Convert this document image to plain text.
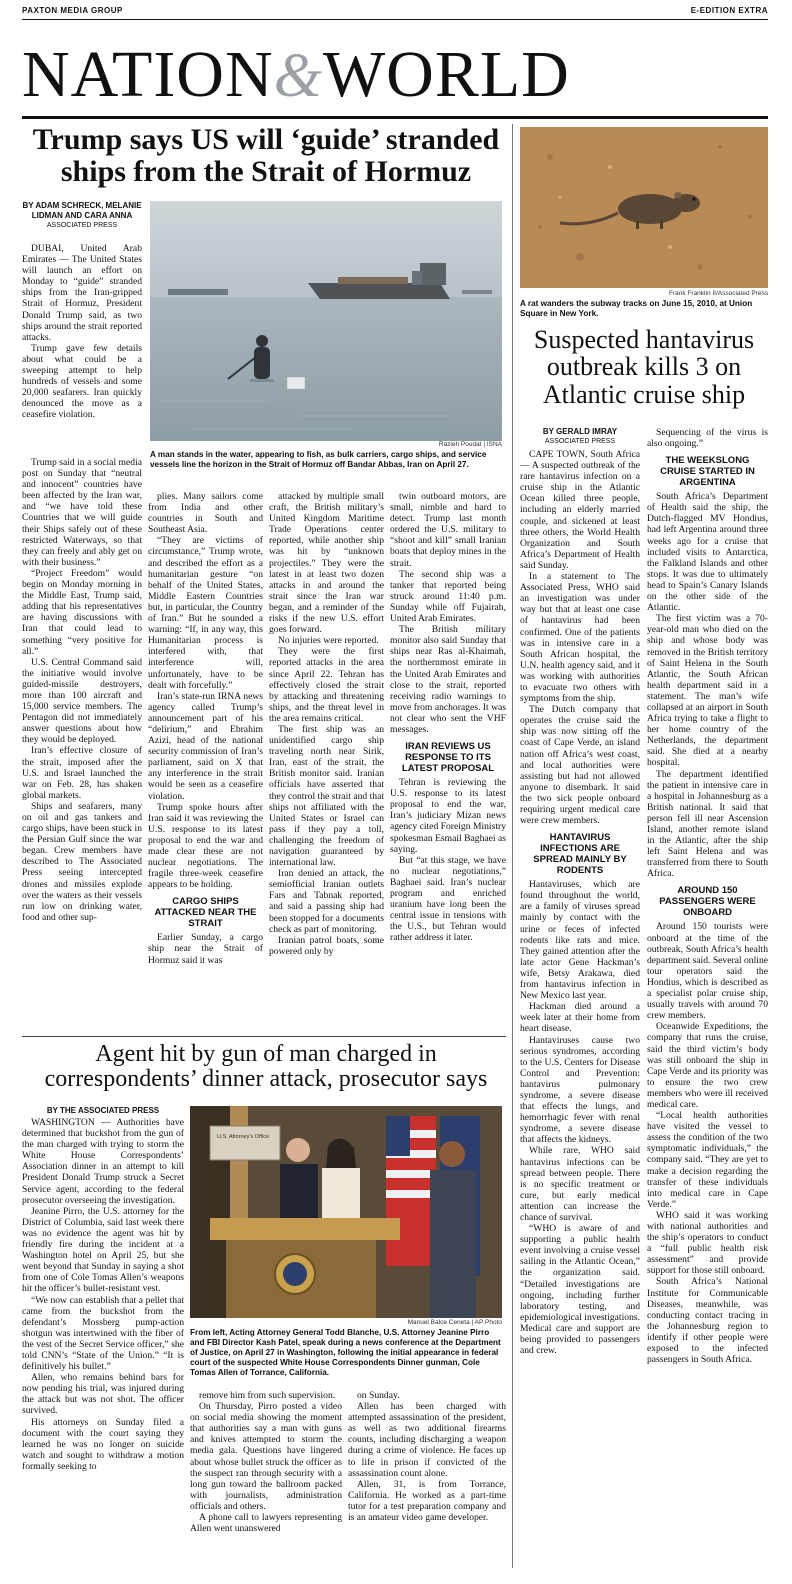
PAXTON MEDIA GROUP	E-EDITION EXTRA
NATION&WORLD
Trump says US will ‘guide’ stranded ships from the Strait of Hormuz
BY ADAM SCHRECK, MELANIE LIDMAN AND CARA ANNA
ASSOCIATED PRESS

DUBAI, United Arab Emirates — The United States will launch an effort on Monday to “guide” stranded ships from the Iran-gripped Strait of Hormuz, President Donald Trump said, as two ships around the strait reported attacks.

Trump gave few details about what could be a sweeping attempt to help hundreds of vessels and some 20,000 seafarers. Iran quickly denounced the move as a ceasefire violation.

Razieh Poudat | ISNA
A man stands in the water, appearing to fish, as bulk carriers, cargo ships, and service vessels line the horizon in the Strait of Hormuz off Bandar Abbas, Iran on April 27.

Trump said in a social media post on Sunday that “neutral and innocent” countries have been affected by the Iran war, and “we have told these Countries that we will guide their Ships safely out of these restricted Waterways, so that they can freely and ably get on with their business.”

“Project Freedom” would begin on Monday morning in the Middle East, Trump said, adding that his representatives are having discussions with Iran that could lead to something “very positive for all.”

U.S. Central Command said the initiative would involve guided-missile destroyers, more than 100 aircraft and 15,000 service members. The Pentagon did not immediately answer questions about how they would be deployed.

Iran’s effective closure of the strait, imposed after the U.S. and Israel launched the war on Feb. 28, has shaken global markets.

Ships and seafarers, many on oil and gas tankers and cargo ships, have been stuck in the Persian Gulf since the war began. Crew members have described to The Associated Press seeing intercepted drones and missiles explode over the waters as their vessels run low on drinking water, food and other sup-

plies. Many sailors come from India and other countries in South and Southeast Asia.

“They are victims of circumstance,” Trump wrote, and described the effort as a humanitarian gesture “on behalf of the United States, Middle Eastern Countries but, in particular, the Country of Iran.” But he sounded a warning: “If, in any way, this Humanitarian process is interfered with, that interference will, unfortunately, have to be dealt with forcefully.”

Iran’s state-run IRNA news agency called Trump’s announcement part of his “delirium,” and Ebrahim Azizi, head of the national security commission of Iran’s parliament, said on X that any interference in the strait would be seen as a ceasefire violation.

Trump spoke hours after Iran said it was reviewing the U.S. response to its latest proposal to end the war and made clear these are not nuclear negotiations. The fragile three-week ceasefire appears to be holding.

CARGO SHIPS ATTACKED NEAR THE STRAIT

Earlier Sunday, a cargo ship near the Strait of Hormuz said it was

attacked by multiple small craft, the British military’s United Kingdom Maritime Trade Operations center reported, while another ship was hit by “unknown projectiles.” They were the latest in at least two dozen attacks in and around the strait since the Iran war began, and a reminder of the risks if the new U.S. effort goes forward.

No injuries were reported.

They were the first reported attacks in the area since April 22. Tehran has effectively closed the strait by attacking and threatening ships, and the threat level in the area remains critical.

The first ship was an unidentified cargo ship traveling north near Sirik, Iran, east of the strait, the British monitor said. Iranian officials have asserted that they control the strait and that ships not affiliated with the United States or Israel can pass if they pay a toll, challenging the freedom of navigation guaranteed by international law.

Iran denied an attack, the semiofficial Iranian outlets Fars and Tabnak reported, and said a passing ship had been stopped for a documents check as part of monitoring.

Iranian patrol boats, some powered only by

twin outboard motors, are small, nimble and hard to detect. Trump last month ordered the U.S. military to “shoot and kill” small Iranian boats that deploy mines in the strait.

The second ship was a tanker that reported being struck around 11:40 p.m. Sunday while off Fujairah, United Arab Emirates.

The British military monitor also said Sunday that ships near Ras al-Khaimah, the northernmost emirate in the United Arab Emirates and close to the strait, reported receiving radio warnings to move from anchorages. It was not clear who sent the VHF messages.

IRAN REVIEWS US RESPONSE TO ITS LATEST PROPOSAL

Tehran is reviewing the U.S. response to its latest proposal to end the war, Iran’s judiciary Mizan news agency cited Foreign Ministry spokesman Esmail Baghaei as saying.

But “at this stage, we have no nuclear negotiations,” Baghaei said. Iran’s nuclear program and enriched uranium have long been the central issue in tensions with the U.S., but Tehran would rather address it later.

Frank Franklin II/Associated Press
A rat wanders the subway tracks on June 15, 2010, at Union Square in New York.
Suspected hantavirus outbreak kills 3 on Atlantic cruise ship
BY GERALD IMRAY
ASSOCIATED PRESS

CAPE TOWN, South Africa — A suspected outbreak of the rare hantavirus infection on a cruise ship in the Atlantic Ocean killed three people, including an elderly married couple, and sickened at least three others, the World Health Organization and South Africa’s Department of Health said Sunday.

In a statement to The Associated Press, WHO said an investigation was under way but that at least one case of hantavirus had been confirmed. One of the patients was in intensive care in a South African hospital, the U.N. health agency said, and it was working with authorities to evacuate two others with symptoms from the ship.

The Dutch company that operates the cruise said the ship was now sitting off the coast of Cape Verde, an island nation off Africa’s west coast, and local authorities were assisting but had not allowed anyone to disembark. It said the two sick people onboard requiring urgent medical care were crew members.

HANTAVIRUS INFECTIONS ARE SPREAD MAINLY BY RODENTS

Hantaviruses, which are found throughout the world, are a family of viruses spread mainly by contact with the urine or feces of infected rodents like rats and mice. They gained attention after the late actor Gene Hackman’s wife, Betsy Arakawa, died from hantavirus infection in New Mexico last year.

Hackman died around a week later at their home from heart disease.

Hantaviruses cause two serious syndromes, according to the U.S. Centers for Disease Control and Prevention: hantavirus pulmonary syndrome, a severe disease that effects the lungs, and hemorrhagic fever with renal syndrome, a severe disease that affects the kidneys.

While rare, WHO said hantavirus infections can be spread between people. There is no specific treatment or cure, but early medical attention can increase the chance of survival.

“WHO is aware of and supporting a public health event involving a cruise vessel sailing in the Atlantic Ocean,” the organization said. “Detailed investigations are ongoing, including further laboratory testing, and epidemiological investigations. Medical care and support are being provided to passengers and crew.

Sequencing of the virus is also ongoing.”

THE WEEKSLONG CRUISE STARTED IN ARGENTINA

South Africa’s Department of Health said the ship, the Dutch-flagged MV Hondius, had left Argentina around three weeks ago for a cruise that included visits to Antarctica, the Falkland Islands and other stops. It was due to ultimately head to Spain’s Canary Islands on the other side of the Atlantic.

The first victim was a 70-year-old man who died on the ship and whose body was removed in the British territory of Saint Helena in the South Atlantic, the South African health department said in a statement. The man’s wife collapsed at an airport in South Africa trying to take a flight to her home country of the Netherlands, the department said. She died at a nearby hospital.

The department identified the patient in intensive care in a hospital in Johannesburg as a British national. It said that person fell ill near Ascension Island, another remote island in the Atlantic, after the ship left Saint Helena and was transferred from there to South Africa.

AROUND 150 PASSENGERS WERE ONBOARD

Around 150 tourists were onboard at the time of the outbreak, South Africa’s health department said. Several online tour operators said the Hondius, which is described as a specialist polar cruise ship, usually travels with around 70 crew members.

Oceanwide Expeditions, the company that runs the cruise, said the third victim’s body was still onboard the ship in Cape Verde and its priority was to ensure the two crew members who were ill received medical care.

“Local health authorities have visited the vessel to assess the condition of the two symptomatic individuals,” the company said. “They are yet to make a decision regarding the transfer of these individuals into medical care in Cape Verde.”

WHO said it was working with national authorities and the ship’s operators to conduct a “full public health risk assessment” and provide support for those still onboard.

South Africa’s National Institute for Communicable Diseases, meanwhile, was conducting contact tracing in the Johannesburg region to identify if other people were exposed to the infected passengers in South Africa.

Agent hit by gun of man charged in correspondents’ dinner attack, prosecutor says
BY THE ASSOCIATED PRESS

WASHINGTON — Authorities have determined that buckshot from the gun of the man charged with trying to storm the White House Correspondents’ Association dinner in an attempt to kill President Donald Trump struck a Secret Service agent, according to the federal prosecutor overseeing the investigation.

Jeanine Pirro, the U.S. attorney for the District of Columbia, said last week there was no evidence the agent was hit by friendly fire during the incident at a Washington hotel on April 25, but she went beyond that Sunday in saying a shot from one of Cole Tomas Allen’s weapons hit the officer’s bullet-resistant vest.

“We now can establish that a pellet that came from the buckshot from the defendant’s Mossberg pump-action shotgun was intertwined with the fiber of the vest of the Secret Service officer,” she told CNN’s “State of the Union.” “It is definitively his bullet.”

Allen, who remains behind bars for now pending his trial, was injured during the attack but was not shot. The officer survived.

His attorneys on Sunday filed a document with the court saying they learned he was no longer on suicide watch and sought to withdraw a motion formally seeking to

U.S. Attorney’s Office
Manuel Balce Ceneta | AP Photo
From left, Acting Attorney General Todd Blanche, U.S. Attorney Jeanine Pirro and FBI Director Kash Patel, speak during a news conference at the Department of Justice, on April 27 in Washington, following the initial appearance in federal court of the suspected White House Correspondents Dinner gunman, Cole Tomas Allen of Torrance, California.

remove him from such supervision.

On Thursday, Pirro posted a video on social media showing the moment that authorities say a man with guns and knives attempted to storm the media gala. Questions have lingered about whose bullet struck the officer as the suspect ran through security with a long gun toward the ballroom packed with journalists, administration officials and others.

A phone call to lawyers representing Allen went unanswered

on Sunday.

Allen has been charged with attempted assassination of the president, as well as two additional firearms counts, including discharging a weapon during a crime of violence. He faces up to life in prison if convicted of the assassination count alone.

Allen, 31, is from Torrance, California. He worked as a part-time tutor for a test preparation company and is an amateur video game developer.
